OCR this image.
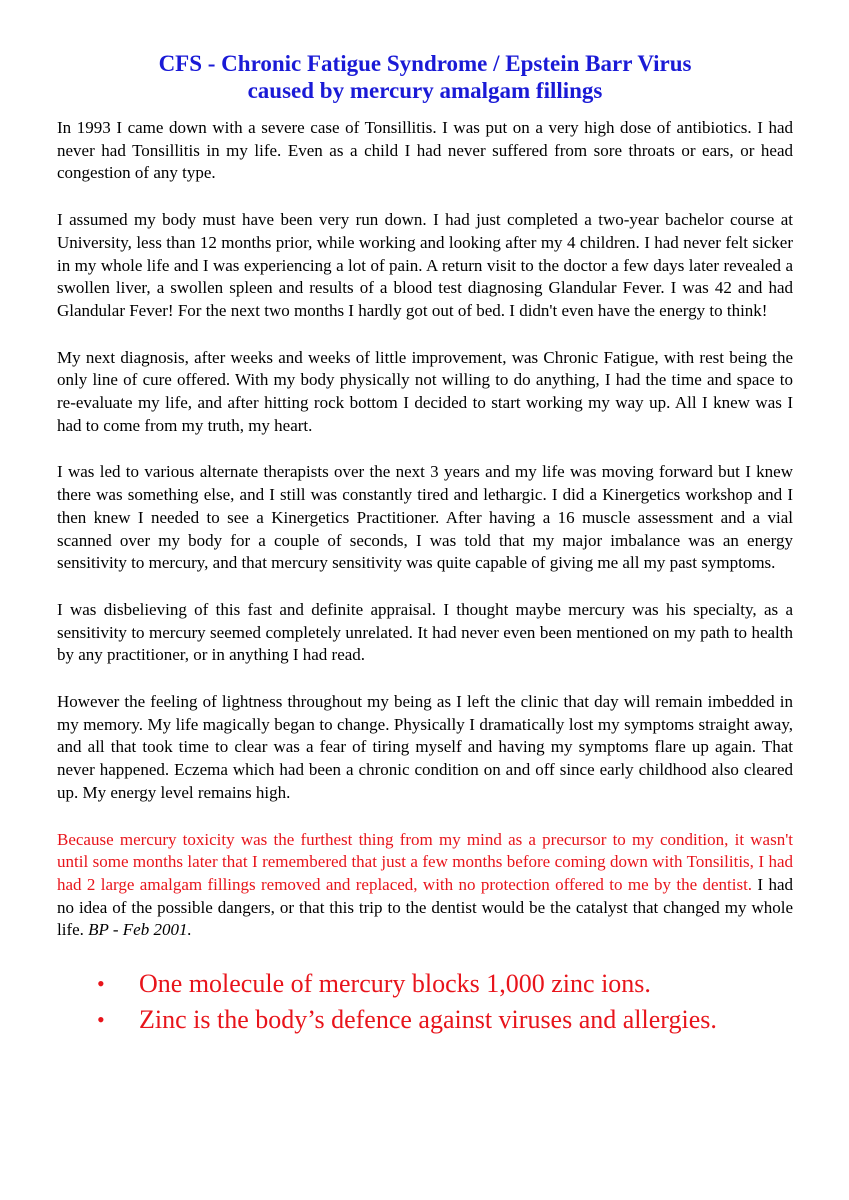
CFS - Chronic Fatigue Syndrome / Epstein Barr Virus
caused by mercury amalgam fillings

In 1993 I came down with a severe case of Tonsillitis. I was put on a very high dose of antibiotics. I had never had Tonsillitis in my life. Even as a child I had never suffered from sore throats or ears, or head congestion of any type.

I assumed my body must have been very run down. I had just completed a two-year bachelor course at University, less than 12 months prior, while working and looking after my 4 children. I had never felt sicker in my whole life and I was experiencing a lot of pain. A return visit to the doctor a few days later revealed a swollen liver, a swollen spleen and results of a blood test diagnosing Glandular Fever. I was 42 and had Glandular Fever! For the next two months I hardly got out of bed. I didn't even have the energy to think!

My next diagnosis, after weeks and weeks of little improvement, was Chronic Fatigue, with rest being the only line of cure offered. With my body physically not willing to do anything, I had the time and space to re-evaluate my life, and after hitting rock bottom I decided to start working my way up. All I knew was I had to come from my truth, my heart.

I was led to various alternate therapists over the next 3 years and my life was moving forward but I knew there was something else, and I still was constantly tired and lethargic. I did a Kinergetics workshop and I then knew I needed to see a Kinergetics Practitioner. After having a 16 muscle assessment and a vial scanned over my body for a couple of seconds, I was told that my major imbalance was an energy sensitivity to mercury, and that mercury sensitivity was quite capable of giving me all my past symptoms.

I was disbelieving of this fast and definite appraisal. I thought maybe mercury was his specialty, as a sensitivity to mercury seemed completely unrelated. It had never even been mentioned on my path to health by any practitioner, or in anything I had read.

However the feeling of lightness throughout my being as I left the clinic that day will remain imbedded in my memory. My life magically began to change. Physically I dramatically lost my symptoms straight away, and all that took time to clear was a fear of tiring myself and having my symptoms flare up again. That never happened. Eczema which had been a chronic condition on and off since early childhood also cleared up. My energy level remains high.

Because mercury toxicity was the furthest thing from my mind as a precursor to my condition, it wasn't until some months later that I remembered that just a few months before coming down with Tonsilitis, I had had 2 large amalgam fillings removed and replaced, with no protection offered to me by the dentist. I had no idea of the possible dangers, or that this trip to the dentist would be the catalyst that changed my whole life. BP - Feb 2001.

• One molecule of mercury blocks 1,000 zinc ions.
• Zinc is the body’s defence against viruses and allergies.
